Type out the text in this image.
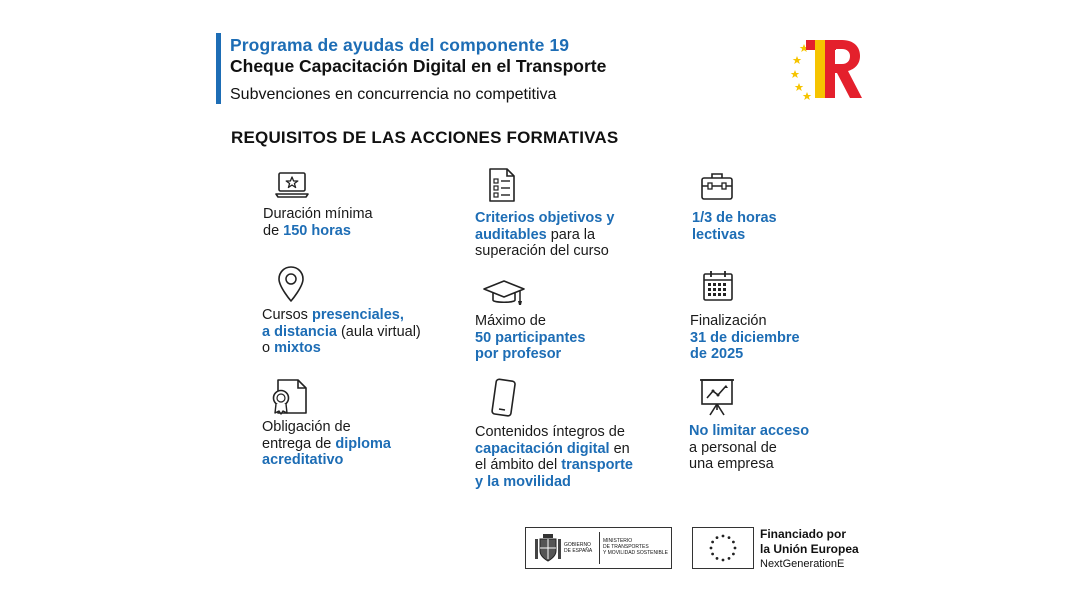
Programa de ayudas del componente 19
Cheque Capacitación Digital en el Transporte
Subvenciones en concurrencia no competitiva
REQUISITOS DE LAS ACCIONES FORMATIVAS
Duración mínima
de 150 horas
Criterios objetivos y
auditables para la
superación del curso
1/3 de horas
lectivas
Cursos presenciales,
a distancia (aula virtual)
o mixtos
Máximo de
50 participantes
por profesor
Finalización
31 de diciembre
de 2025
Obligación de
entrega de diploma
acreditativo
Contenidos íntegros de
capacitación digital en
el ámbito del transporte
y la movilidad
No limitar acceso
a personal de
una empresa
GOBIERNO
DE ESPAÑA
MINISTERIO
DE TRANSPORTES
Y MOVILIDAD SOSTENIBLE
Financiado por
la Unión Europea
NextGenerationE
